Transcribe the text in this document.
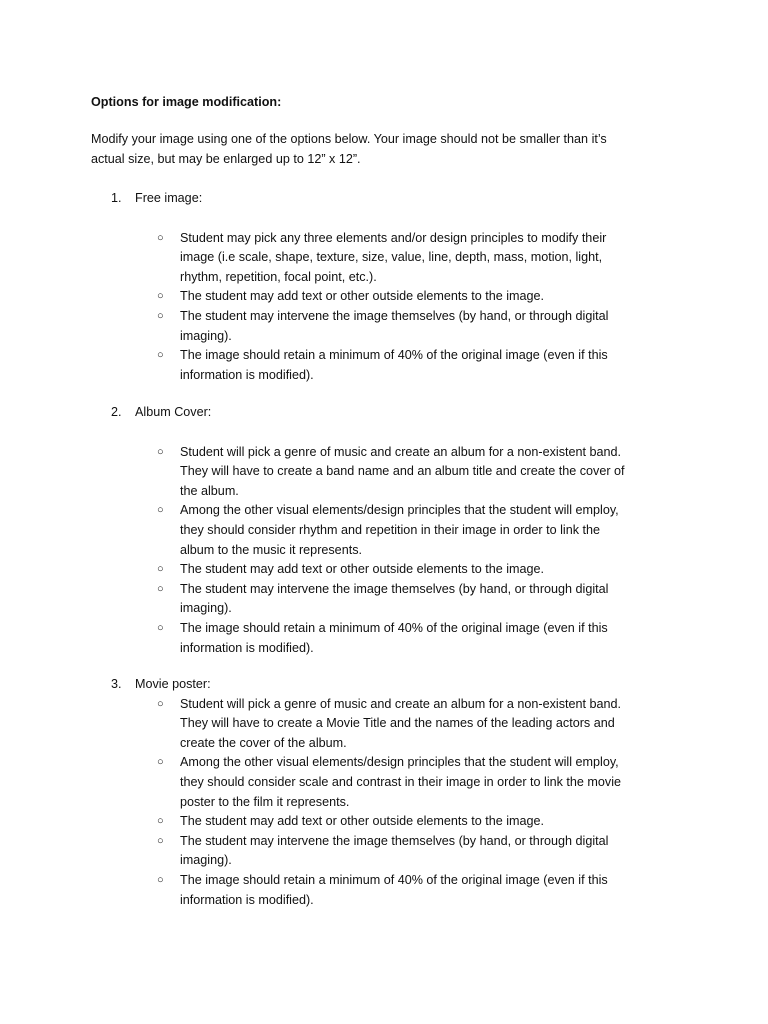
Options for image modification:
Modify your image using one of the options below. Your image should not be smaller than it’s
actual size, but may be enlarged up to 12” x 12”.
1. Free image:
○ Student may pick any three elements and/or design principles to modify their
image (i.e scale, shape, texture, size, value, line, depth, mass, motion, light,
rhythm, repetition, focal point, etc.).
○ The student may add text or other outside elements to the image.
○ The student may intervene the image themselves (by hand, or through digital
imaging).
○ The image should retain a minimum of 40% of the original image (even if this
information is modified).
2. Album Cover:
○ Student will pick a genre of music and create an album for a non-existent band.
They will have to create a band name and an album title and create the cover of
the album.
○ Among the other visual elements/design principles that the student will employ,
they should consider rhythm and repetition in their image in order to link the
album to the music it represents.
○ The student may add text or other outside elements to the image.
○ The student may intervene the image themselves (by hand, or through digital
imaging).
○ The image should retain a minimum of 40% of the original image (even if this
information is modified).
3. Movie poster:
○ Student will pick a genre of music and create an album for a non-existent band.
They will have to create a Movie Title and the names of the leading actors and
create the cover of the album.
○ Among the other visual elements/design principles that the student will employ,
they should consider scale and contrast in their image in order to link the movie
poster to the film it represents.
○ The student may add text or other outside elements to the image.
○ The student may intervene the image themselves (by hand, or through digital
imaging).
○ The image should retain a minimum of 40% of the original image (even if this
information is modified).
